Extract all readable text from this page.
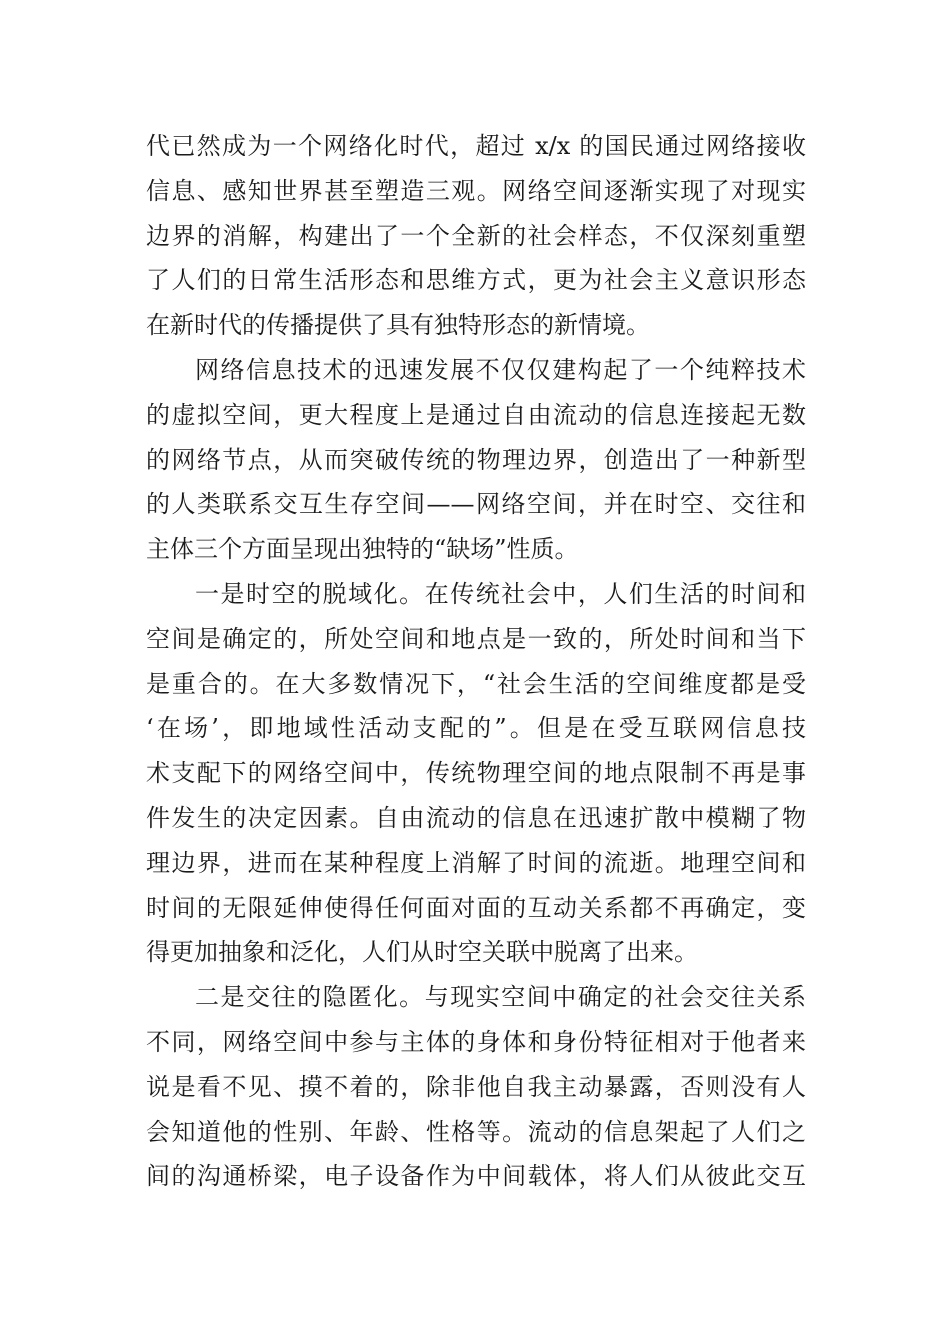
代已然成为一个网络化时代，超过 x/x 的国民通过网络接收
信息、感知世界甚至塑造三观。网络空间逐渐实现了对现实
边界的消解，构建出了一个全新的社会样态，不仅深刻重塑
了人们的日常生活形态和思维方式，更为社会主义意识形态
在新时代的传播提供了具有独特形态的新情境。
网络信息技术的迅速发展不仅仅建构起了一个纯粹技术
的虚拟空间，更大程度上是通过自由流动的信息连接起无数
的网络节点，从而突破传统的物理边界，创造出了一种新型
的人类联系交互生存空间——网络空间，并在时空、交往和
主体三个方面呈现出独特的“缺场”性质。
一是时空的脱域化。在传统社会中，人们生活的时间和
空间是确定的，所处空间和地点是一致的，所处时间和当下
是重合的。在大多数情况下，“社会生活的空间维度都是受
‘在场’，即地域性活动支配的”。但是在受互联网信息技
术支配下的网络空间中，传统物理空间的地点限制不再是事
件发生的决定因素。自由流动的信息在迅速扩散中模糊了物
理边界，进而在某种程度上消解了时间的流逝。地理空间和
时间的无限延伸使得任何面对面的互动关系都不再确定，变
得更加抽象和泛化，人们从时空关联中脱离了出来。
二是交往的隐匿化。与现实空间中确定的社会交往关系
不同，网络空间中参与主体的身体和身份特征相对于他者来
说是看不见、摸不着的，除非他自我主动暴露，否则没有人
会知道他的性别、年龄、性格等。流动的信息架起了人们之
间的沟通桥梁，电子设备作为中间载体，将人们从彼此交互
